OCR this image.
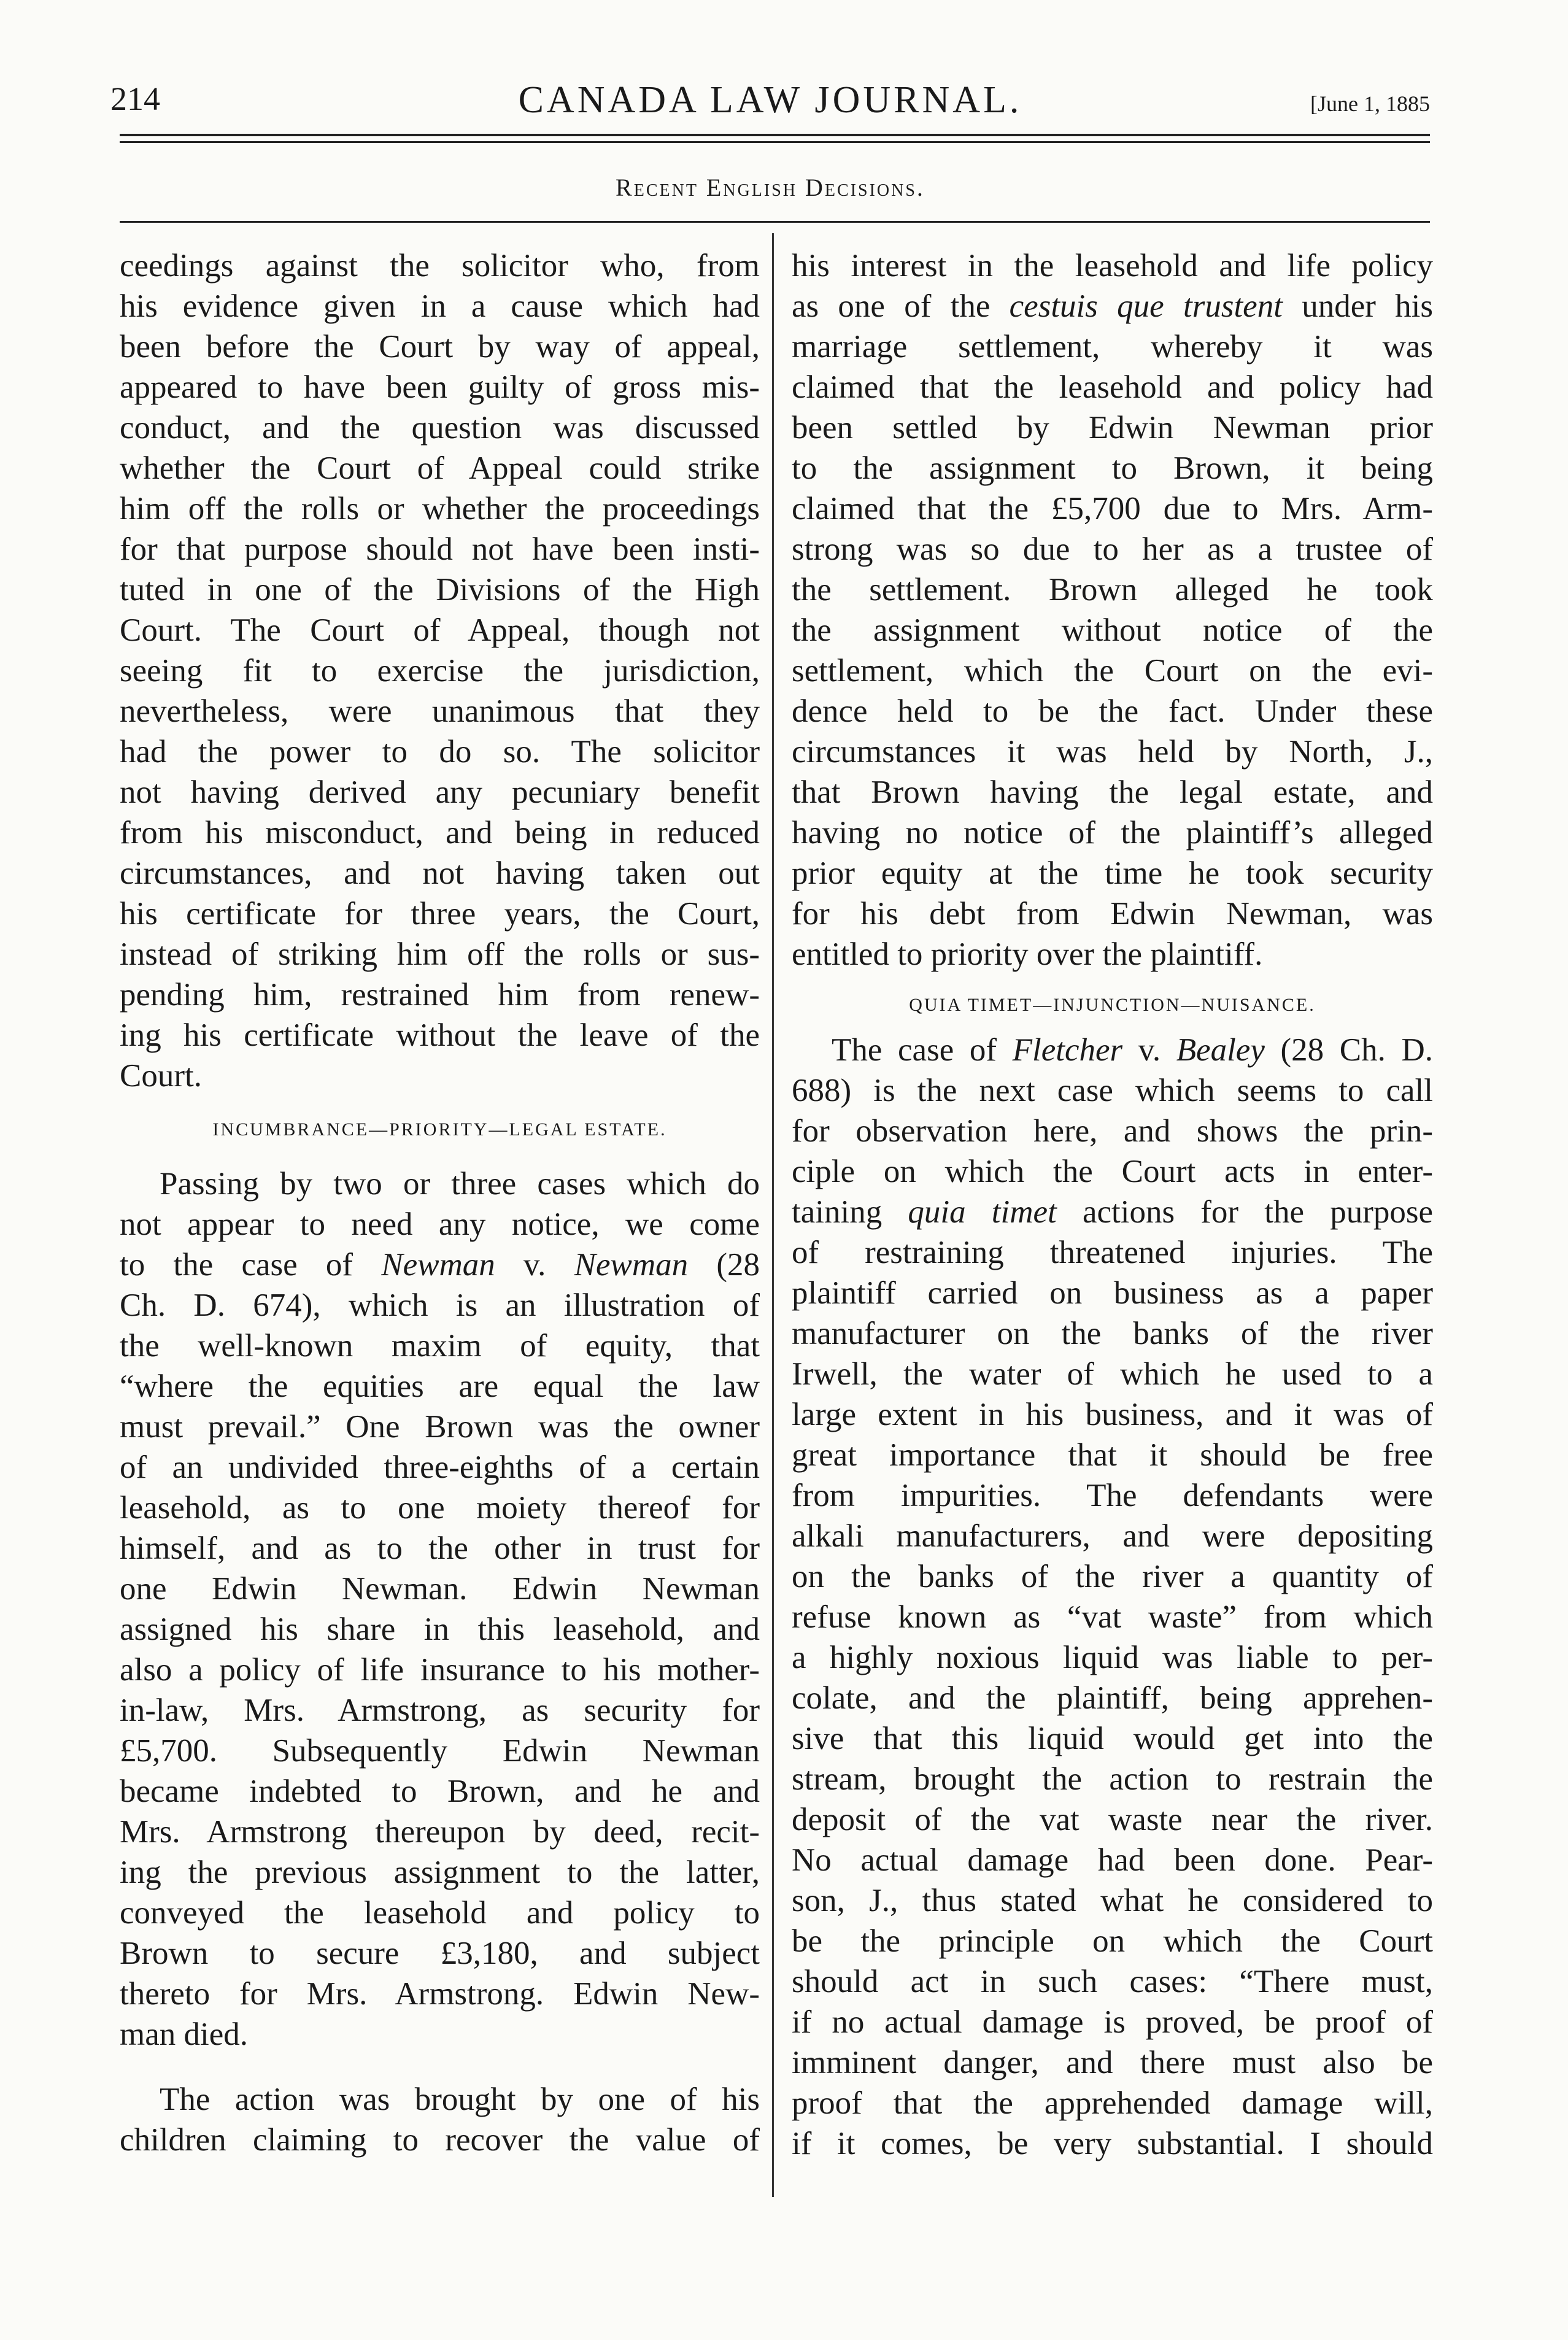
214	CANADA LAW JOURNAL.	[June 1, 1885
Recent English Decisions.
ceedings against the solicitor who, from
his evidence given in a cause which had
been before the Court by way of appeal,
appeared to have been guilty of gross mis-
conduct, and the question was discussed
whether the Court of Appeal could strike
him off the rolls or whether the proceedings
for that purpose should not have been insti-
tuted in one of the Divisions of the High
Court. The Court of Appeal, though not
seeing fit to exercise the jurisdiction,
nevertheless, were unanimous that they
had the power to do so. The solicitor
not having derived any pecuniary benefit
from his misconduct, and being in reduced
circumstances, and not having taken out
his certificate for three years, the Court,
instead of striking him off the rolls or sus-
pending him, restrained him from renew-
ing his certificate without the leave of the
Court.
INCUMBRANCE—PRIORITY—LEGAL ESTATE.
Passing by two or three cases which do
not appear to need any notice, we come
to the case of Newman v. Newman (28
Ch. D. 674), which is an illustration of
the well-known maxim of equity, that
“where the equities are equal the law
must prevail.” One Brown was the owner
of an undivided three-eighths of a certain
leasehold, as to one moiety thereof for
himself, and as to the other in trust for
one Edwin Newman. Edwin Newman
assigned his share in this leasehold, and
also a policy of life insurance to his mother-
in-law, Mrs. Armstrong, as security for
£5,700. Subsequently Edwin Newman
became indebted to Brown, and he and
Mrs. Armstrong thereupon by deed, recit-
ing the previous assignment to the latter,
conveyed the leasehold and policy to
Brown to secure £3,180, and subject
thereto for Mrs. Armstrong. Edwin New-
man died.
The action was brought by one of his
children claiming to recover the value of
his interest in the leasehold and life policy
as one of the cestuis que trustent under his
marriage settlement, whereby it was
claimed that the leasehold and policy had
been settled by Edwin Newman prior
to the assignment to Brown, it being
claimed that the £5,700 due to Mrs. Arm-
strong was so due to her as a trustee of
the settlement. Brown alleged he took
the assignment without notice of the
settlement, which the Court on the evi-
dence held to be the fact. Under these
circumstances it was held by North, J.,
that Brown having the legal estate, and
having no notice of the plaintiff’s alleged
prior equity at the time he took security
for his debt from Edwin Newman, was
entitled to priority over the plaintiff.
QUIA TIMET—INJUNCTION—NUISANCE.
The case of Fletcher v. Bealey (28 Ch. D.
688) is the next case which seems to call
for observation here, and shows the prin-
ciple on which the Court acts in enter-
taining quia timet actions for the purpose
of restraining threatened injuries. The
plaintiff carried on business as a paper
manufacturer on the banks of the river
Irwell, the water of which he used to a
large extent in his business, and it was of
great importance that it should be free
from impurities. The defendants were
alkali manufacturers, and were depositing
on the banks of the river a quantity of
refuse known as “vat waste” from which
a highly noxious liquid was liable to per-
colate, and the plaintiff, being apprehen-
sive that this liquid would get into the
stream, brought the action to restrain the
deposit of the vat waste near the river.
No actual damage had been done. Pear-
son, J., thus stated what he considered to
be the principle on which the Court
should act in such cases: “There must,
if no actual damage is proved, be proof of
imminent danger, and there must also be
proof that the apprehended damage will,
if it comes, be very substantial. I should
